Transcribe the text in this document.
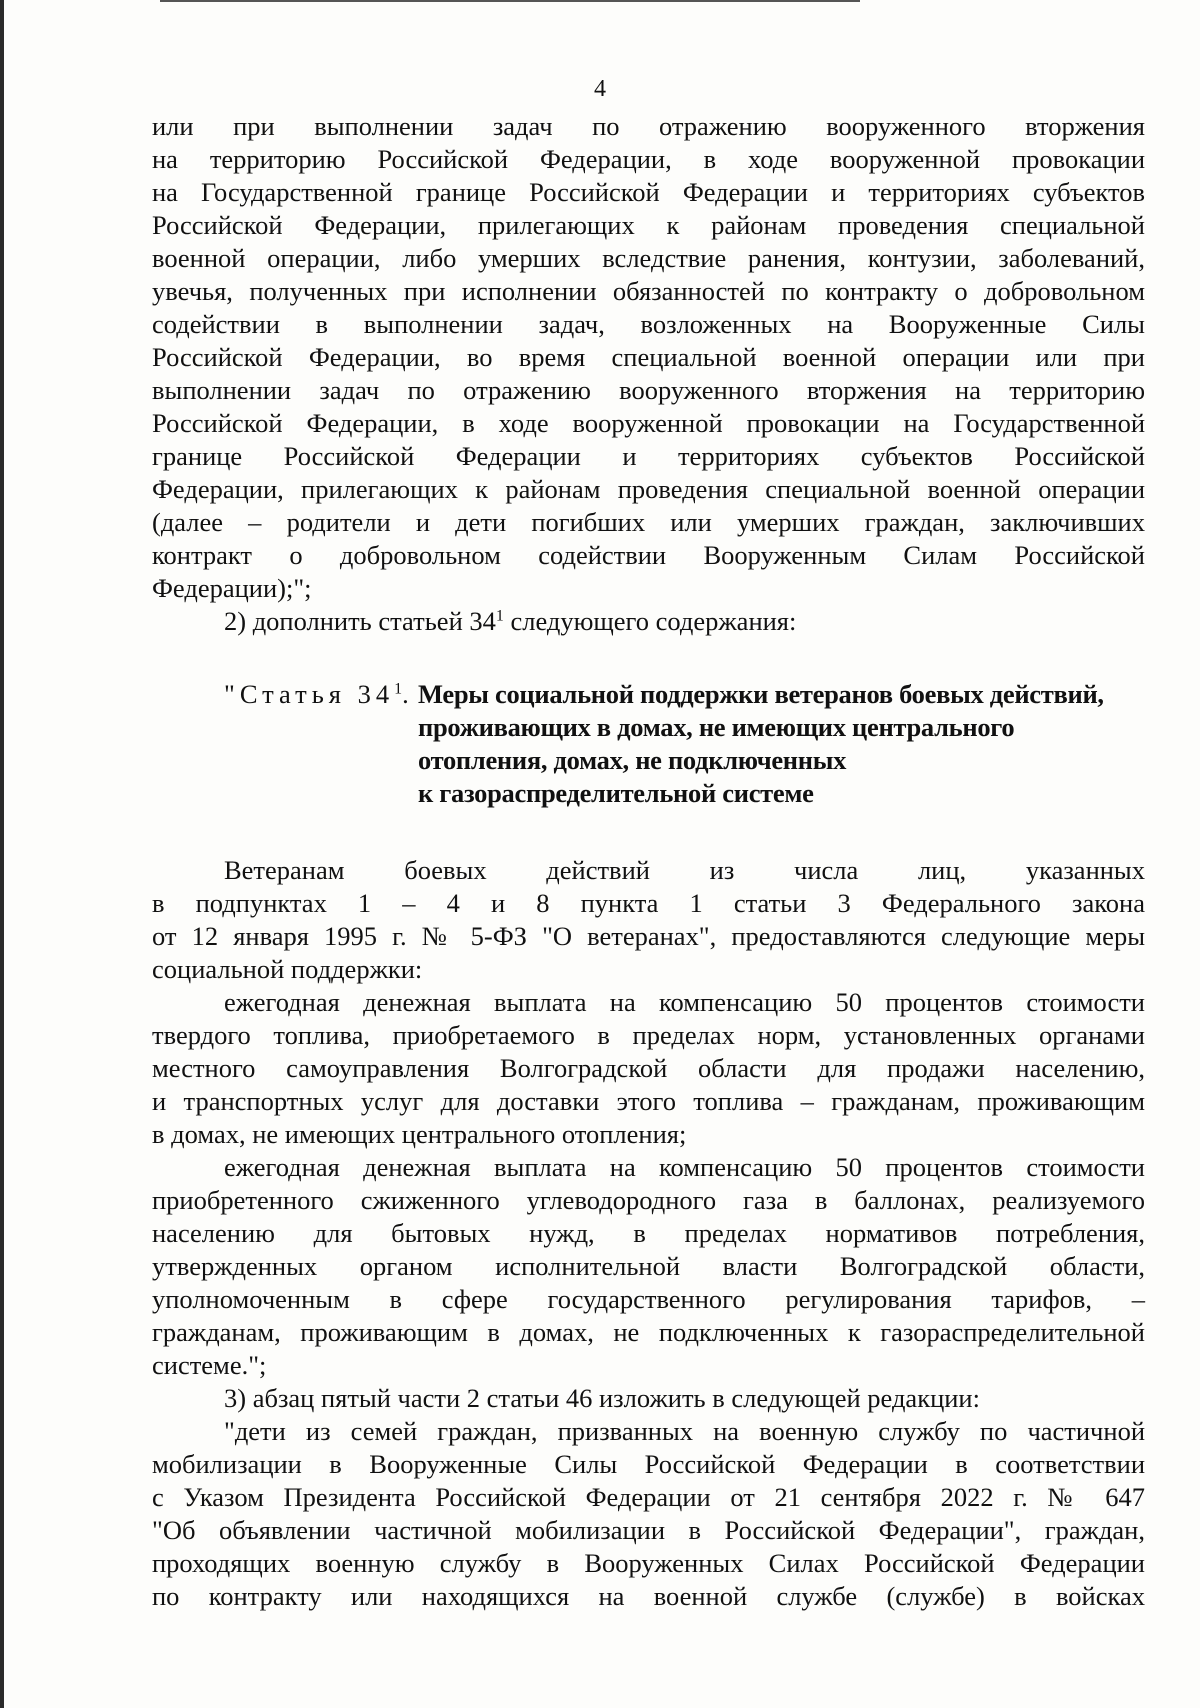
4
или при выполнении задач по отражению вооруженного вторжения
на территорию Российской Федерации, в ходе вооруженной провокации
на Государственной границе Российской Федерации и территориях субъектов
Российской Федерации, прилегающих к районам проведения специальной
военной операции, либо умерших вследствие ранения, контузии, заболеваний,
увечья, полученных при исполнении обязанностей по контракту о добровольном
содействии в выполнении задач, возложенных на Вооруженные Силы
Российской Федерации, во время специальной военной операции или при
выполнении задач по отражению вооруженного вторжения на территорию
Российской Федерации, в ходе вооруженной провокации на Государственной
границе Российской Федерации и территориях субъектов Российской
Федерации, прилегающих к районам проведения специальной военной операции
(далее – родители и дети погибших или умерших граждан, заключивших
контракт о добровольном содействии Вооруженным Силам Российской
Федерации);";
2) дополнить статьей $34^1$ следующего содержания:
"Статья $34^1$. Меры социальной поддержки ветеранов боевых действий,
проживающих в домах, не имеющих центрального
отопления, домах, не подключенных
к газораспределительной системе
Ветеранам боевых действий из числа лиц, указанных
в подпунктах 1 – 4 и 8 пункта 1 статьи 3 Федерального закона
от 12 января 1995 г. № 5-ФЗ "О ветеранах", предоставляются следующие меры
социальной поддержки:
ежегодная денежная выплата на компенсацию 50 процентов стоимости
твердого топлива, приобретаемого в пределах норм, установленных органами
местного самоуправления Волгоградской области для продажи населению,
и транспортных услуг для доставки этого топлива – гражданам, проживающим
в домах, не имеющих центрального отопления;
ежегодная денежная выплата на компенсацию 50 процентов стоимости
приобретенного сжиженного углеводородного газа в баллонах, реализуемого
населению для бытовых нужд, в пределах нормативов потребления,
утвержденных органом исполнительной власти Волгоградской области,
уполномоченным в сфере государственного регулирования тарифов, –
гражданам, проживающим в домах, не подключенных к газораспределительной
системе.";
3) абзац пятый части 2 статьи 46 изложить в следующей редакции:
"дети из семей граждан, призванных на военную службу по частичной
мобилизации в Вооруженные Силы Российской Федерации в соответствии
с Указом Президента Российской Федерации от 21 сентября 2022 г. № 647
"Об объявлении частичной мобилизации в Российской Федерации", граждан,
проходящих военную службу в Вооруженных Силах Российской Федерации
по контракту или находящихся на военной службе (службе) в войсках
